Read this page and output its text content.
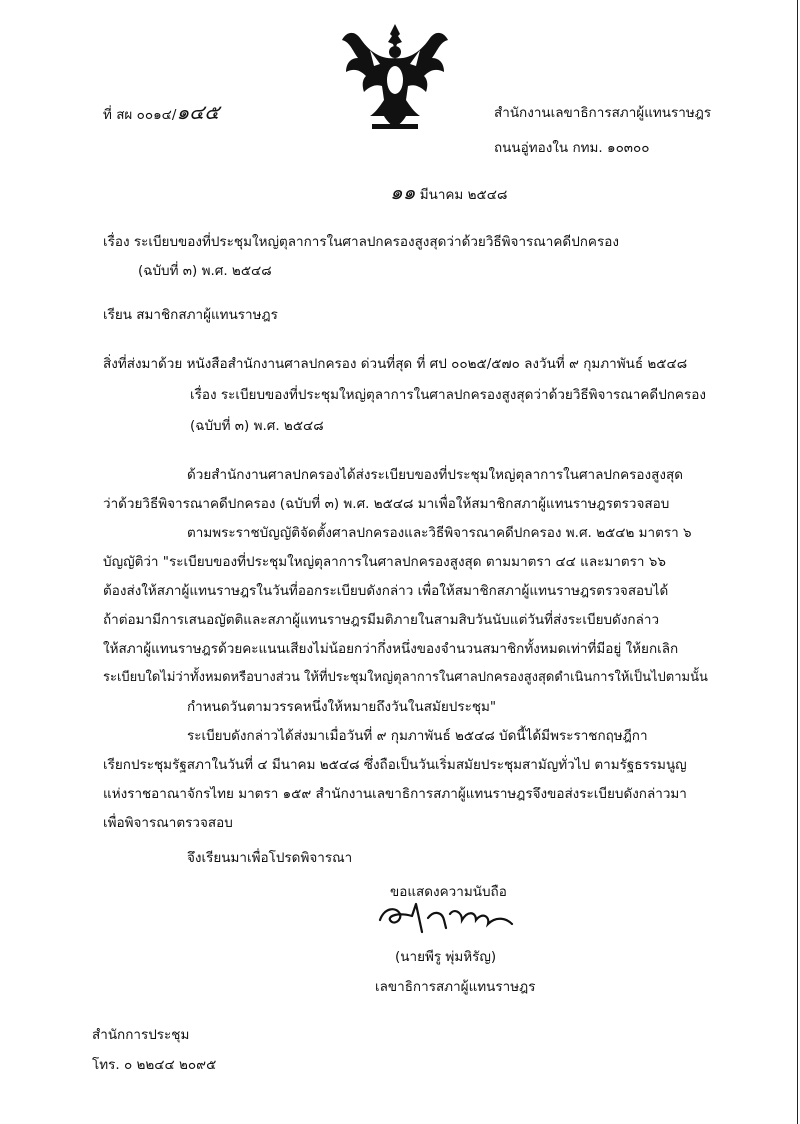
ที่ สผ ๐๐๑๔/๑๔๕	สำนักงานเลขาธิการสภาผู้แทนราษฎร
ถนนอู่ทองใน กทม. ๑๐๓๐๐
๑๑ มีนาคม ๒๕๔๘
เรื่อง ระเบียบของที่ประชุมใหญ่ตุลาการในศาลปกครองสูงสุดว่าด้วยวิธีพิจารณาคดีปกครอง
(ฉบับที่ ๓) พ.ศ. ๒๕๔๘
เรียน สมาชิกสภาผู้แทนราษฎร
สิ่งที่ส่งมาด้วย หนังสือสำนักงานศาลปกครอง ด่วนที่สุด ที่ ศป ๐๐๒๕/๕๗๐ ลงวันที่ ๙ กุมภาพันธ์ ๒๕๔๘
เรื่อง ระเบียบของที่ประชุมใหญ่ตุลาการในศาลปกครองสูงสุดว่าด้วยวิธีพิจารณาคดีปกครอง
(ฉบับที่ ๓) พ.ศ. ๒๕๔๘
ด้วยสำนักงานศาลปกครองได้ส่งระเบียบของที่ประชุมใหญ่ตุลาการในศาลปกครองสูงสุด
ว่าด้วยวิธีพิจารณาคดีปกครอง (ฉบับที่ ๓) พ.ศ. ๒๕๔๘ มาเพื่อให้สมาชิกสภาผู้แทนราษฎรตรวจสอบ
ตามพระราชบัญญัติจัดตั้งศาลปกครองและวิธีพิจารณาคดีปกครอง พ.ศ. ๒๕๔๒ มาตรา ๖
บัญญัติว่า "ระเบียบของที่ประชุมใหญ่ตุลาการในศาลปกครองสูงสุด ตามมาตรา ๔๔ และมาตรา ๖๖
ต้องส่งให้สภาผู้แทนราษฎรในวันที่ออกระเบียบดังกล่าว เพื่อให้สมาชิกสภาผู้แทนราษฎรตรวจสอบได้
ถ้าต่อมามีการเสนอญัตติและสภาผู้แทนราษฎรมีมติภายในสามสิบวันนับแต่วันที่ส่งระเบียบดังกล่าว
ให้สภาผู้แทนราษฎรด้วยคะแนนเสียงไม่น้อยกว่ากึ่งหนึ่งของจำนวนสมาชิกทั้งหมดเท่าที่มีอยู่ ให้ยกเลิก
ระเบียบใดไม่ว่าทั้งหมดหรือบางส่วน ให้ที่ประชุมใหญ่ตุลาการในศาลปกครองสูงสุดดำเนินการให้เป็นไปตามนั้น
กำหนดวันตามวรรคหนึ่งให้หมายถึงวันในสมัยประชุม"
ระเบียบดังกล่าวได้ส่งมาเมื่อวันที่ ๙ กุมภาพันธ์ ๒๕๔๘ บัดนี้ได้มีพระราชกฤษฎีกา
เรียกประชุมรัฐสภาในวันที่ ๔ มีนาคม ๒๕๔๘ ซึ่งถือเป็นวันเริ่มสมัยประชุมสามัญทั่วไป ตามรัฐธรรมนูญ
แห่งราชอาณาจักรไทย มาตรา ๑๕๙ สำนักงานเลขาธิการสภาผู้แทนราษฎรจึงขอส่งระเบียบดังกล่าวมา
เพื่อพิจารณาตรวจสอบ
จึงเรียนมาเพื่อโปรดพิจารณา
ขอแสดงความนับถือ
(นายพีรู พุ่มหิรัญ)
เลขาธิการสภาผู้แทนราษฎร
สำนักการประชุม
โทร. ๐ ๒๒๔๔ ๒๐๙๕
